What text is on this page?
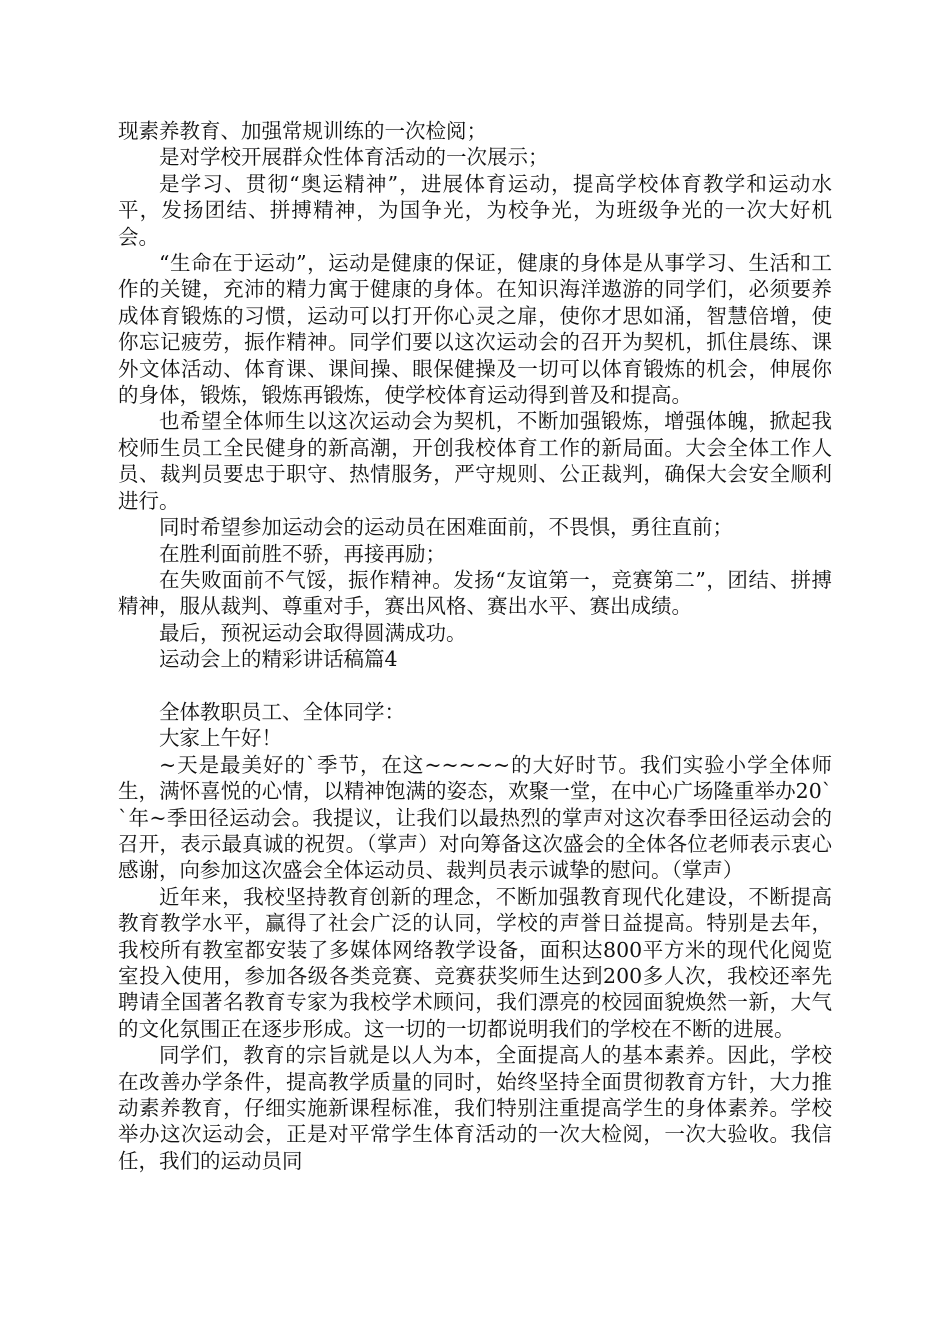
现素养教育、加强常规训练的一次检阅；

是对学校开展群众性体育活动的一次展示；

是学习、贯彻“奥运精神”，进展体育运动，提高学校体育教学和运动水平，发扬团结、拼搏精神，为国争光，为校争光，为班级争光的一次大好机会。

“生命在于运动”，运动是健康的保证，健康的身体是从事学习、生活和工作的关键，充沛的精力寓于健康的身体。在知识海洋遨游的同学们，必须要养成体育锻炼的习惯，运动可以打开你心灵之扉，使你才思如涌，智慧倍增，使你忘记疲劳，振作精神。同学们要以这次运动会的召开为契机，抓住晨练、课外文体活动、体育课、课间操、眼保健操及一切可以体育锻炼的机会，伸展你的身体，锻炼，锻炼再锻炼，使学校体育运动得到普及和提高。

也希望全体师生以这次运动会为契机，不断加强锻炼，增强体魄，掀起我校师生员工全民健身的新高潮，开创我校体育工作的新局面。大会全体工作人员、裁判员要忠于职守、热情服务，严守规则、公正裁判，确保大会安全顺利进行。

同时希望参加运动会的运动员在困难面前，不畏惧，勇往直前；

在胜利面前胜不骄，再接再励；

在失败面前不气馁，振作精神。发扬“友谊第一，竞赛第二”，团结、拼搏精神，服从裁判、尊重对手，赛出风格、赛出水平、赛出成绩。

最后，预祝运动会取得圆满成功。

运动会上的精彩讲话稿篇4

全体教职员工、全体同学：

大家上午好！

~天是最美好的`季节，在这~~~~~的大好时节。我们实验小学全体师生，满怀喜悦的心情，以精神饱满的姿态，欢聚一堂，在中心广场隆重举办20``年~季田径运动会。我提议，让我们以最热烈的掌声对这次春季田径运动会的召开，表示最真诚的祝贺。（掌声）对向筹备这次盛会的全体各位老师表示衷心感谢，向参加这次盛会全体运动员、裁判员表示诚挚的慰问。（掌声）

近年来，我校坚持教育创新的理念，不断加强教育现代化建设，不断提高教育教学水平，赢得了社会广泛的认同，学校的声誉日益提高。特别是去年，我校所有教室都安装了多媒体网络教学设备，面积达800平方米的现代化阅览室投入使用，参加各级各类竞赛、竞赛获奖师生达到200多人次，我校还率先聘请全国著名教育专家为我校学术顾问，我们漂亮的校园面貌焕然一新，大气的文化氛围正在逐步形成。这一切的一切都说明我们的学校在不断的进展。

同学们，教育的宗旨就是以人为本，全面提高人的基本素养。因此，学校在改善办学条件，提高教学质量的同时，始终坚持全面贯彻教育方针，大力推动素养教育，仔细实施新课程标准，我们特别注重提高学生的身体素养。学校举办这次运动会，正是对平常学生体育活动的一次大检阅，一次大验收。我信任，我们的运动员同
